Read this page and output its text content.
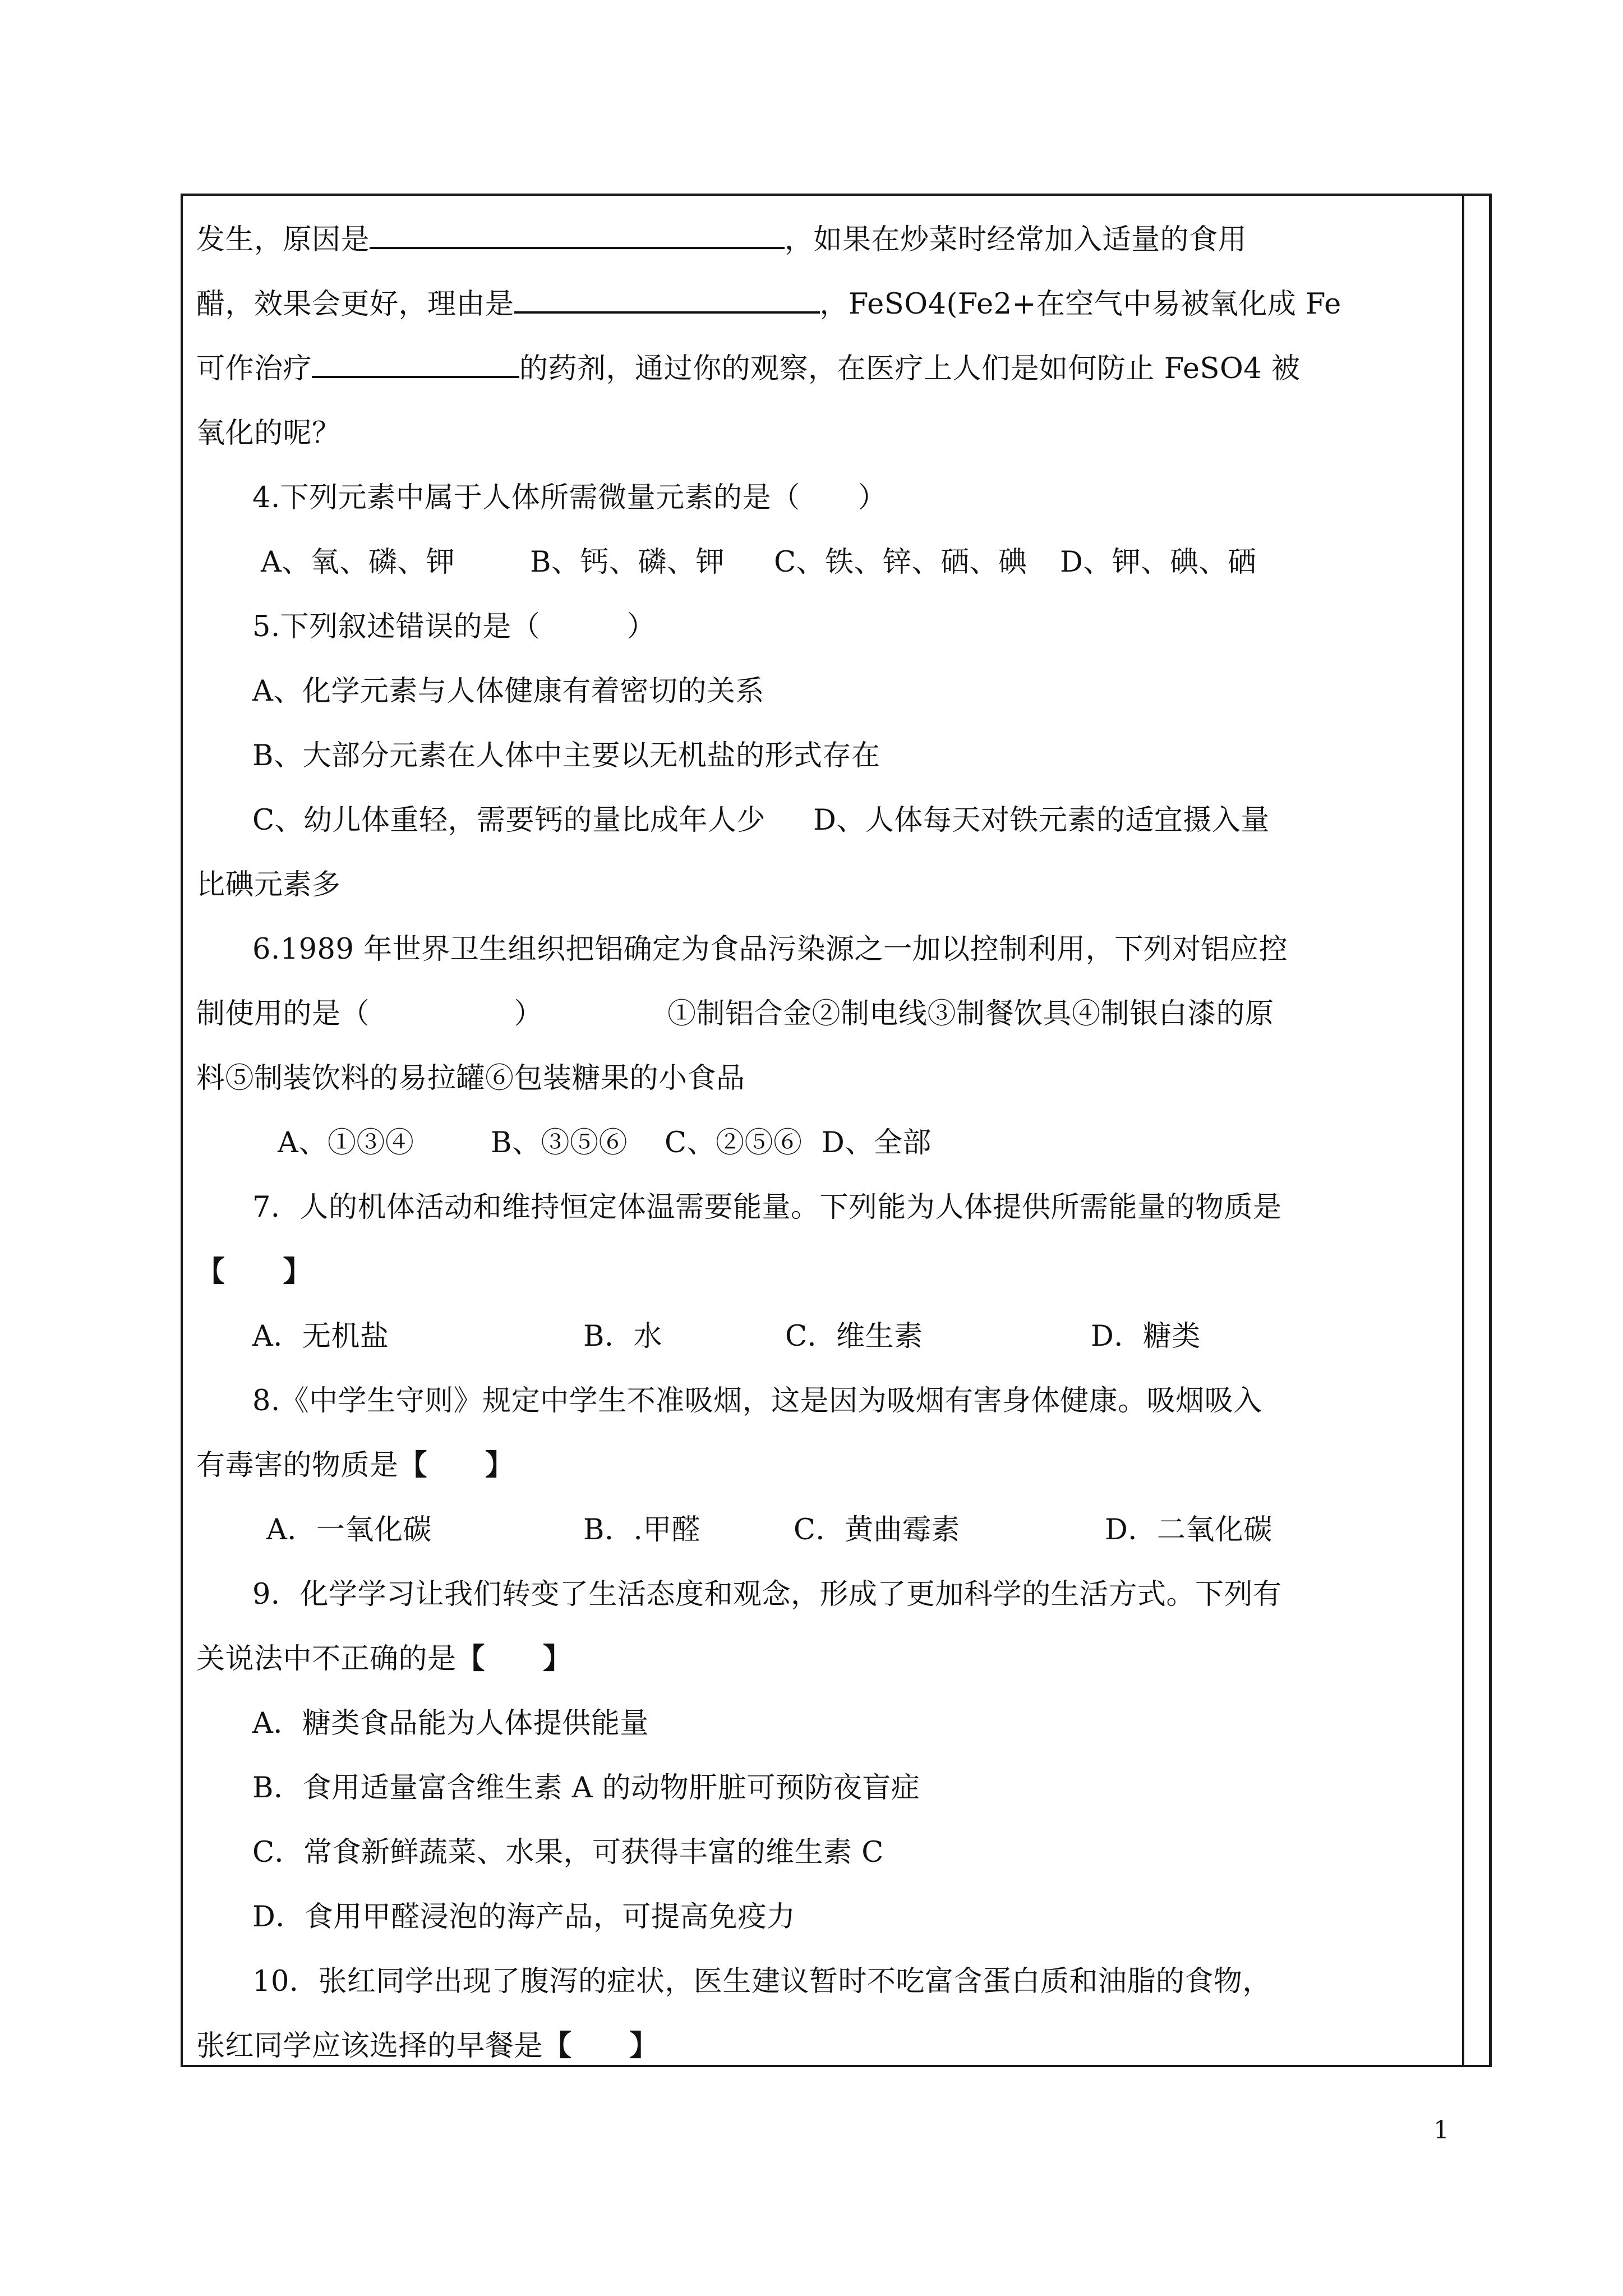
发生，原因是	，如果在炒菜时经常加入适量的食用
醋，效果会更好，理由是	，FeSO4(Fe2+在空气中易被氧化成 Fe
可作治疗	的药剂，通过你的观察，在医疗上人们是如何防止 FeSO4 被
氧化的呢？
4.下列元素中属于人体所需微量元素的是（　　）
A、氧、磷、钾	B、钙、磷、钾 C、铁、锌、硒、碘 D、钾、碘、硒
5.下列叙述错误的是（　　　）
A、化学元素与人体健康有着密切的关系
B、大部分元素在人体中主要以无机盐的形式存在
C、幼儿体重轻，需要钙的量比成年人少 D、人体每天对铁元素的适宜摄入量
比碘元素多
6.1989 年世界卫生组织把铝确定为食品污染源之一加以控制利用，下列对铝应控
制使用的是（　　　　　）	①制铝合金②制电线③制餐饮具④制银白漆的原
料⑤制装饮料的易拉罐⑥包装糖果的小食品
A、①③④	B、③⑤⑥ C、②⑤⑥ D、全部
7．人的机体活动和维持恒定体温需要能量。下列能为人体提供所需能量的物质是
【　　】
A．无机盐	B．水	C．维生素	D．糖类
8.《中学生守则》规定中学生不准吸烟，这是因为吸烟有害身体健康。吸烟吸入
有毒害的物质是【　　】
A．一氧化碳	B．.甲醛	C．黄曲霉素	D．二氧化碳
9．化学学习让我们转变了生活态度和观念，形成了更加科学的生活方式。下列有
关说法中不正确的是【　　】
A．糖类食品能为人体提供能量
B．食用适量富含维生素 A 的动物肝脏可预防夜盲症
C．常食新鲜蔬菜、水果，可获得丰富的维生素 C
D．食用甲醛浸泡的海产品，可提高免疫力
10．张红同学出现了腹泻的症状，医生建议暂时不吃富含蛋白质和油脂的食物，
张红同学应该选择的早餐是【　　】
1
